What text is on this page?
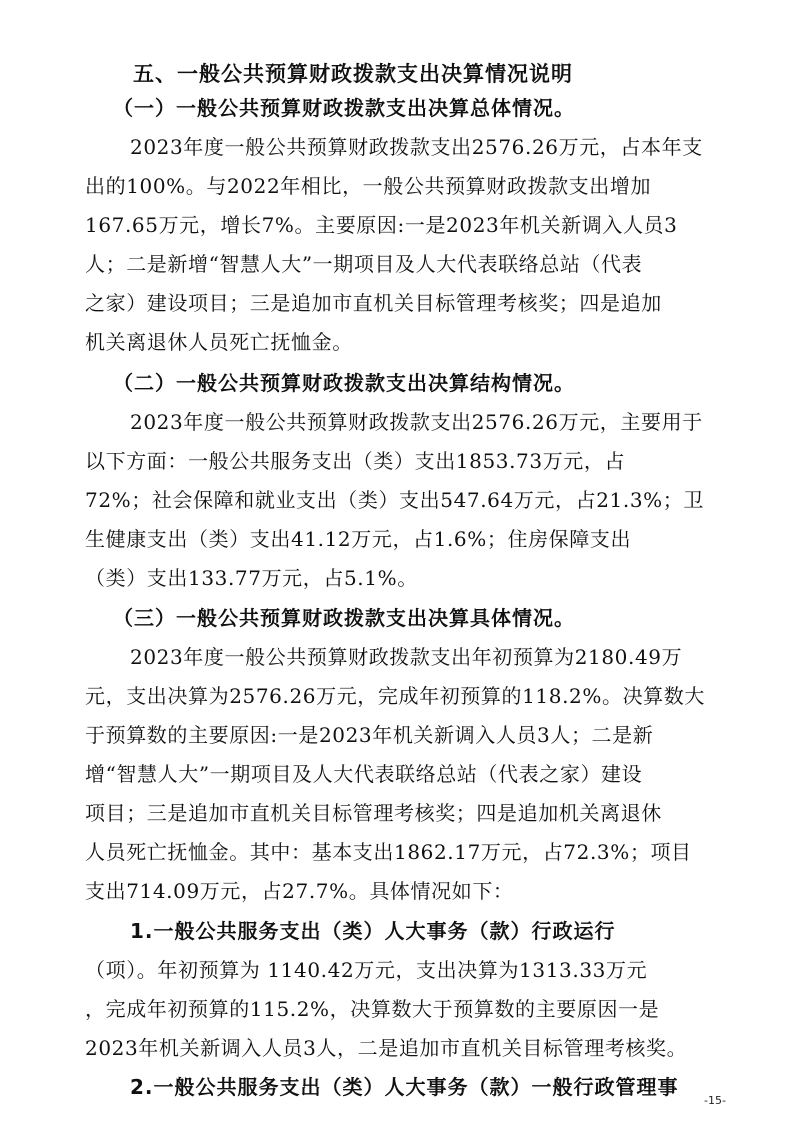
五、一般公共预算财政拨款支出决算情况说明
（一）一般公共预算财政拨款支出决算总体情况。
2023年度一般公共预算财政拨款支出2576.26万元，占本年支
出的100%。与2022年相比，一般公共预算财政拨款支出增加
167.65万元，增长7%。主要原因:一是2023年机关新调入人员3
人；二是新增“智慧人大”一期项目及人大代表联络总站（代表
之家）建设项目；三是追加市直机关目标管理考核奖；四是追加
机关离退休人员死亡抚恤金。
（二）一般公共预算财政拨款支出决算结构情况。
2023年度一般公共预算财政拨款支出2576.26万元，主要用于
以下方面：一般公共服务支出（类）支出1853.73万元，占
72%；社会保障和就业支出（类）支出547.64万元，占21.3%；卫
生健康支出（类）支出41.12万元，占1.6%；住房保障支出
（类）支出133.77万元，占5.1%。
（三）一般公共预算财政拨款支出决算具体情况。
2023年度一般公共预算财政拨款支出年初预算为2180.49万
元，支出决算为2576.26万元，完成年初预算的118.2%。决算数大
于预算数的主要原因:一是2023年机关新调入人员3人；二是新
增“智慧人大”一期项目及人大代表联络总站（代表之家）建设
项目；三是追加市直机关目标管理考核奖；四是追加机关离退休
人员死亡抚恤金。其中：基本支出1862.17万元，占72.3%；项目
支出714.09万元，占27.7%。具体情况如下：
1.一般公共服务支出（类）人大事务（款）行政运行
（项）。年初预算为 1140.42万元，支出决算为1313.33万元
，完成年初预算的115.2%，决算数大于预算数的主要原因一是
2023年机关新调入人员3人，二是追加市直机关目标管理考核奖。
2.一般公共服务支出（类）人大事务（款）一般行政管理事
-15-
